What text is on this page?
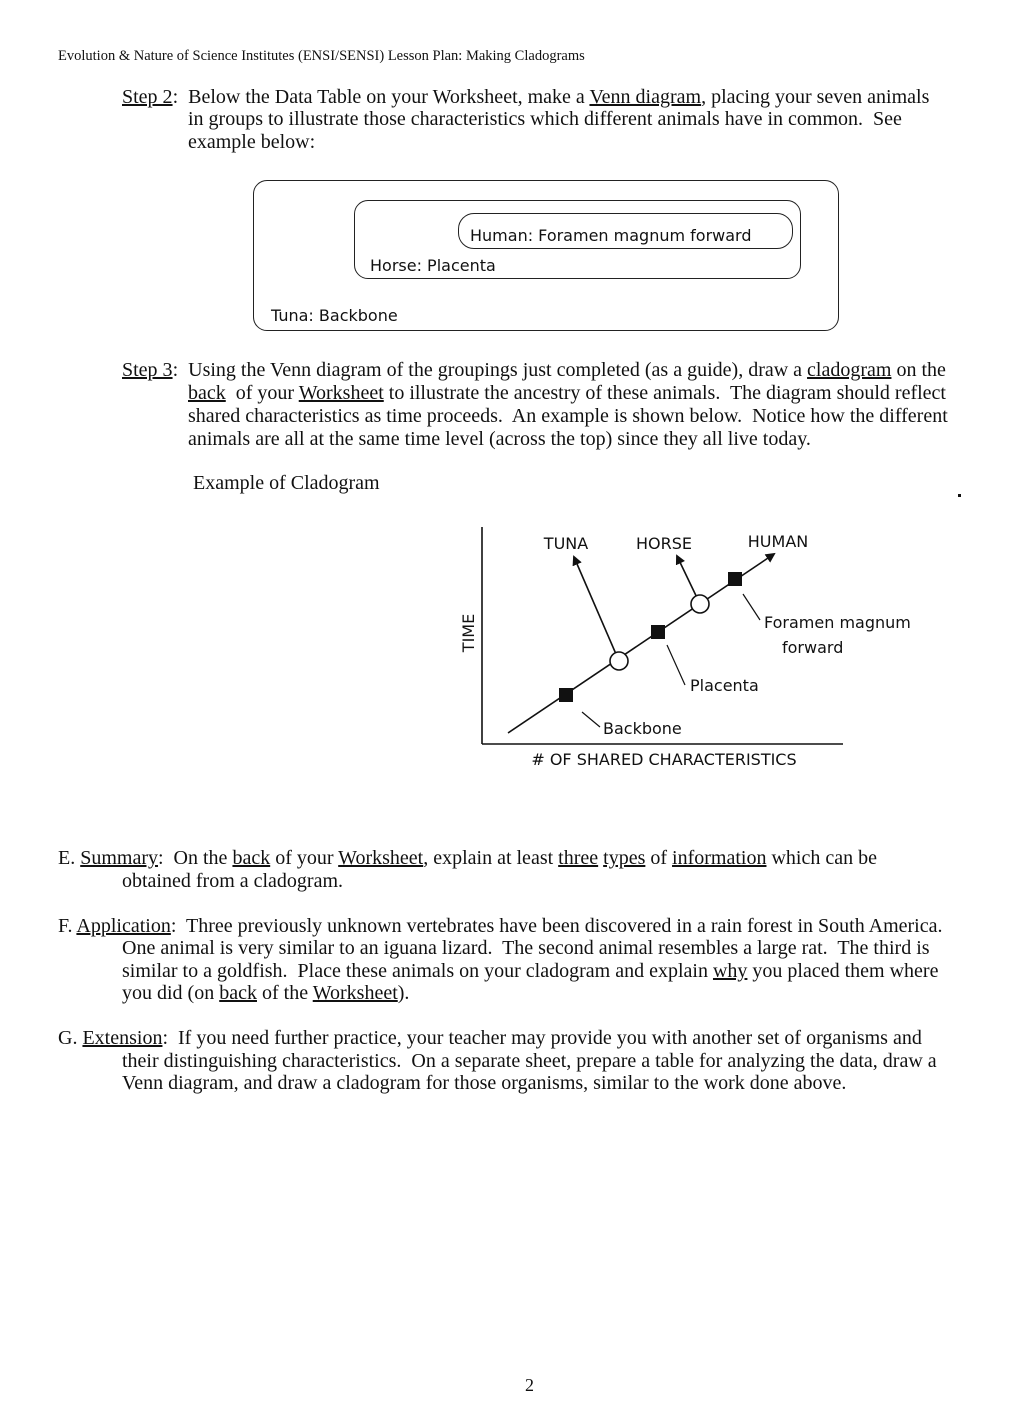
Evolution & Nature of Science Institutes (ENSI/SENSI) Lesson Plan: Making Cladograms
Step 2:  Below the Data Table on your Worksheet, make a Venn diagram, placing your seven animals
in groups to illustrate those characteristics which different animals have in common.  See
example below:
Step 3:  Using the Venn diagram of the groupings just completed (as a guide), draw a cladogram on the
back  of your Worksheet to illustrate the ancestry of these animals.  The diagram should reflect
shared characteristics as time proceeds.  An example is shown below.  Notice how the different
animals are all at the same time level (across the top) since they all live today.
Example of Cladogram
E. Summary:  On the back of your Worksheet, explain at least three types of information which can be
obtained from a cladogram.
F. Application:  Three previously unknown vertebrates have been discovered in a rain forest in South America.
One animal is very similar to an iguana lizard.  The second animal resembles a large rat.  The third is
similar to a goldfish.  Place these animals on your cladogram and explain why you placed them where
you did (on back of the Worksheet).
G. Extension:  If you need further practice, your teacher may provide you with another set of organisms and
their distinguishing characteristics.  On a separate sheet, prepare a table for analyzing the data, draw a
Venn diagram, and draw a cladogram for those organisms, similar to the work done above.
Human: Foramen magnum forward
Horse: Placenta
Tuna: Backbone
TUNA	HORSE	HUMAN
Backbone
Placenta
Foramen magnum
forward
TIME
# OF SHARED CHARACTERISTICS
2
